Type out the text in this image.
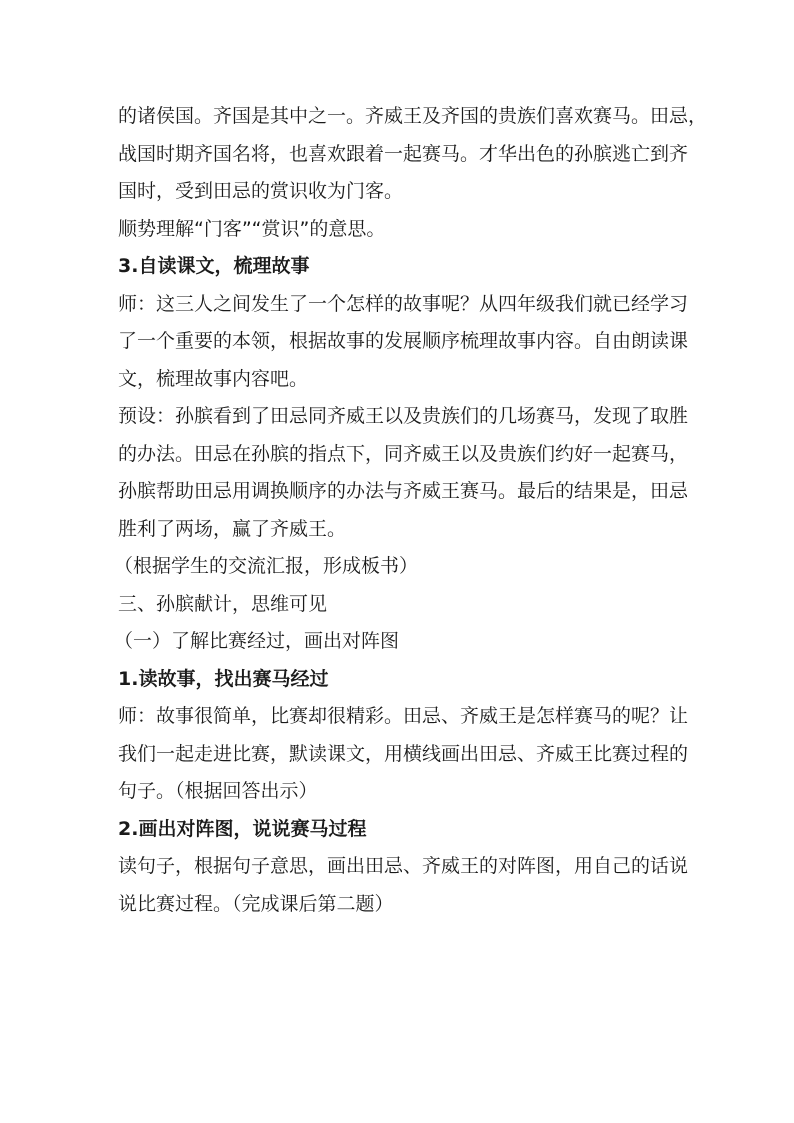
的诸侯国。齐国是其中之一。齐威王及齐国的贵族们喜欢赛马。田忌，
战国时期齐国名将，也喜欢跟着一起赛马。才华出色的孙膑逃亡到齐
国时，受到田忌的赏识收为门客。
顺势理解“门客”“赏识”的意思。
3.自读课文，梳理故事
师：这三人之间发生了一个怎样的故事呢？从四年级我们就已经学习
了一个重要的本领，根据故事的发展顺序梳理故事内容。自由朗读课
文，梳理故事内容吧。
预设：孙膑看到了田忌同齐威王以及贵族们的几场赛马，发现了取胜
的办法。田忌在孙膑的指点下，同齐威王以及贵族们约好一起赛马，
孙膑帮助田忌用调换顺序的办法与齐威王赛马。最后的结果是，田忌
胜利了两场，赢了齐威王。
（根据学生的交流汇报，形成板书）
三、孙膑献计，思维可见
（一）了解比赛经过，画出对阵图
1.读故事，找出赛马经过
师：故事很简单，比赛却很精彩。田忌、齐威王是怎样赛马的呢？让
我们一起走进比赛，默读课文，用横线画出田忌、齐威王比赛过程的
句子。（根据回答出示）
2.画出对阵图，说说赛马过程
读句子，根据句子意思，画出田忌、齐威王的对阵图，用自己的话说
说比赛过程。（完成课后第二题）
